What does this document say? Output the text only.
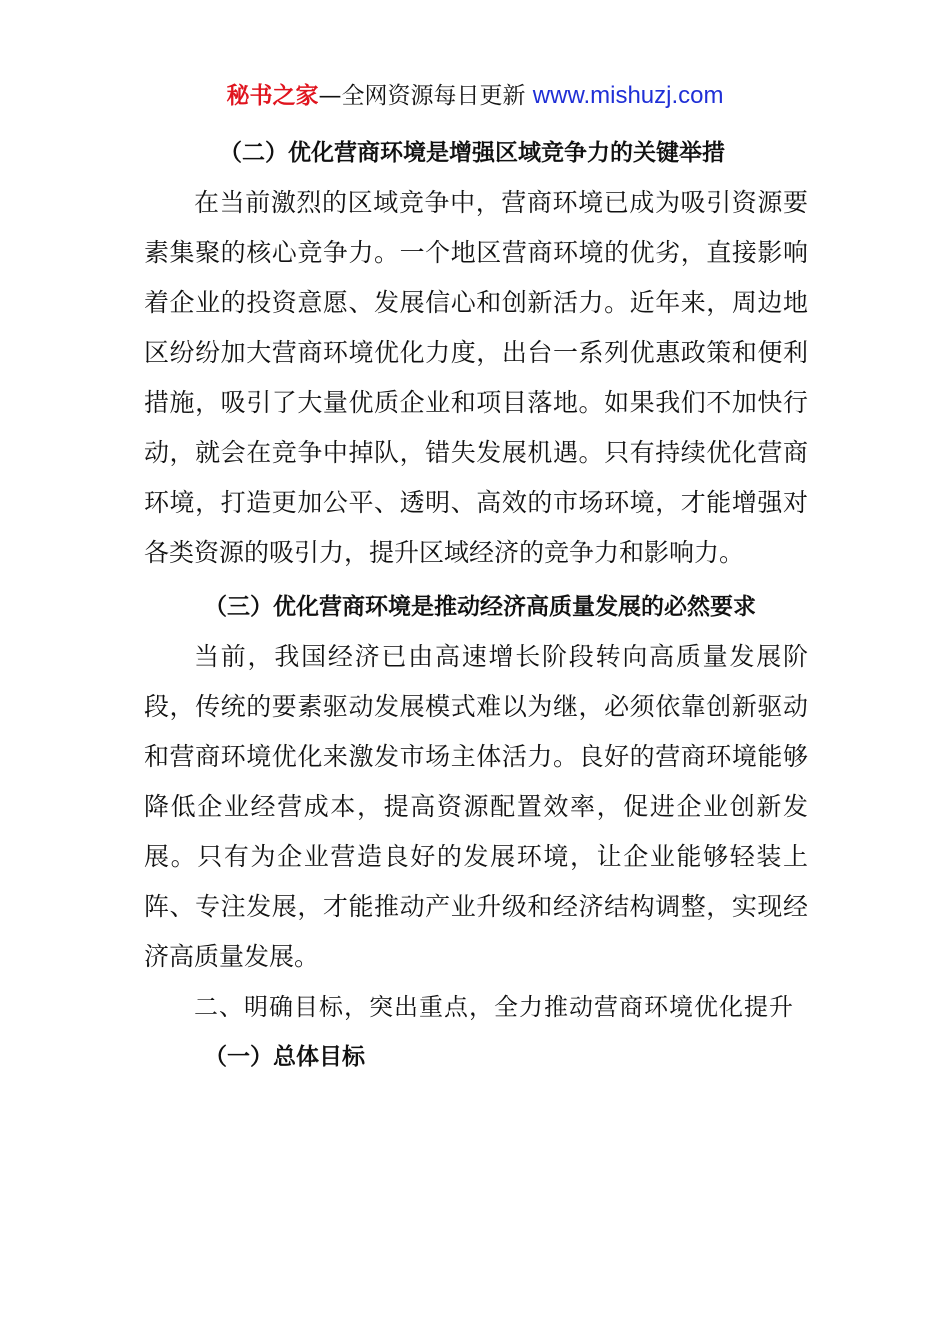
秘书之家—全网资源每日更新 www.mishuzj.com

（二）优化营商环境是增强区域竞争力的关键举措

在当前激烈的区域竞争中，营商环境已成为吸引资源要素集聚的核心竞争力。一个地区营商环境的优劣，直接影响着企业的投资意愿、发展信心和创新活力。近年来，周边地区纷纷加大营商环境优化力度，出台一系列优惠政策和便利措施，吸引了大量优质企业和项目落地。如果我们不加快行动，就会在竞争中掉队，错失发展机遇。只有持续优化营商环境，打造更加公平、透明、高效的市场环境，才能增强对各类资源的吸引力，提升区域经济的竞争力和影响力。

（三）优化营商环境是推动经济高质量发展的必然要求

当前，我国经济已由高速增长阶段转向高质量发展阶段，传统的要素驱动发展模式难以为继，必须依靠创新驱动和营商环境优化来激发市场主体活力。良好的营商环境能够降低企业经营成本，提高资源配置效率，促进企业创新发展。只有为企业营造良好的发展环境，让企业能够轻装上阵、专注发展，才能推动产业升级和经济结构调整，实现经济高质量发展。

二、明确目标，突出重点，全力推动营商环境优化提升

（一）总体目标
